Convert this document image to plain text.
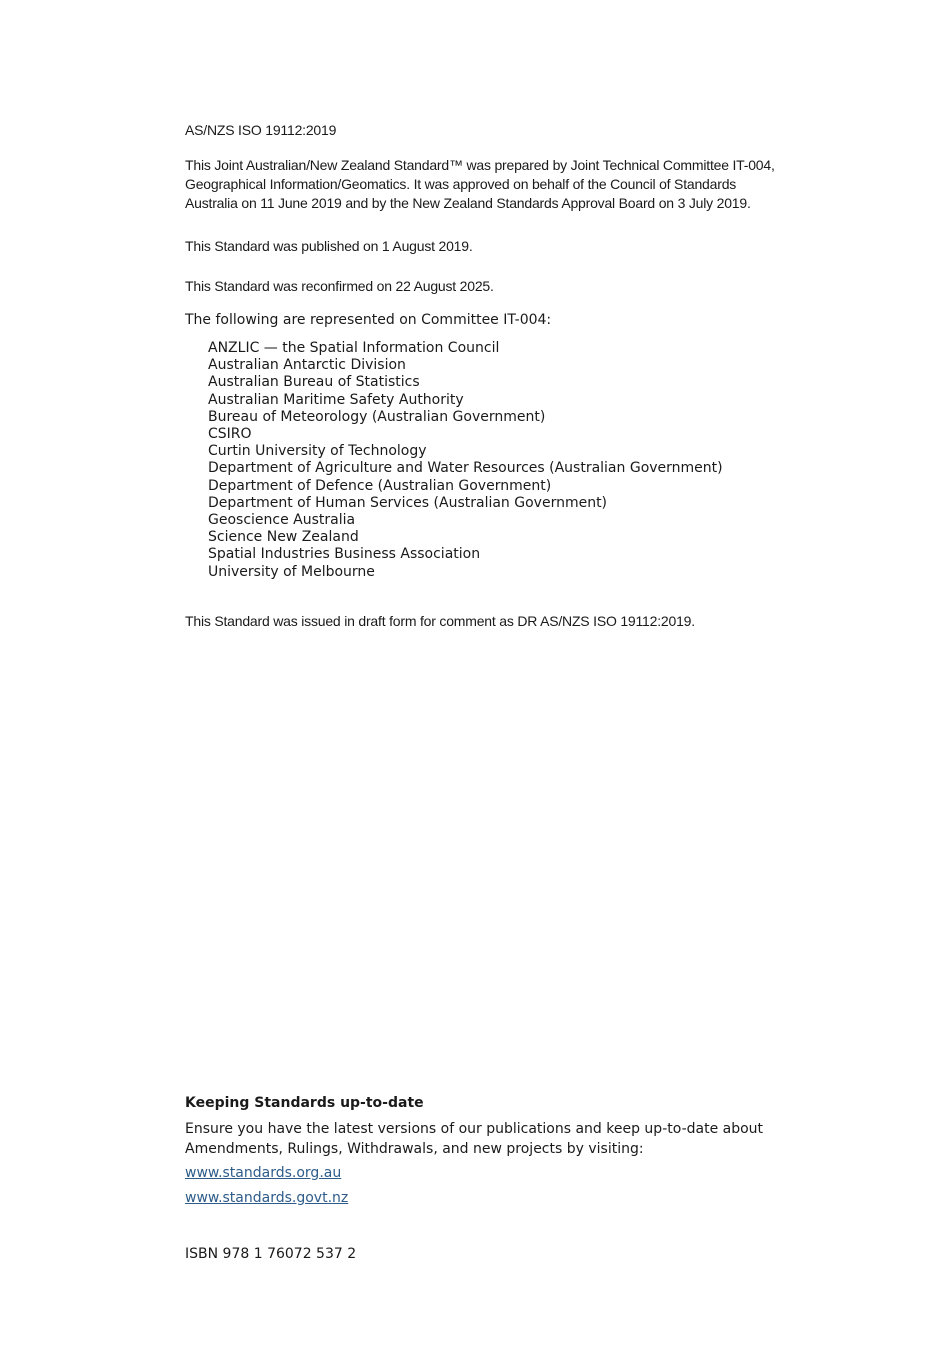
AS/NZS ISO 19112:2019

This Joint Australian/New Zealand Standard™ was prepared by Joint Technical Committee IT-004, Geographical Information/Geomatics. It was approved on behalf of the Council of Standards Australia on 11 June 2019 and by the New Zealand Standards Approval Board on 3 July 2019.

This Standard was published on 1 August 2019.

This Standard was reconfirmed on 22 August 2025.

The following are represented on Committee IT-004:

ANZLIC — the Spatial Information Council
Australian Antarctic Division
Australian Bureau of Statistics
Australian Maritime Safety Authority
Bureau of Meteorology (Australian Government)
CSIRO
Curtin University of Technology
Department of Agriculture and Water Resources (Australian Government)
Department of Defence (Australian Government)
Department of Human Services (Australian Government)
Geoscience Australia
Science New Zealand
Spatial Industries Business Association
University of Melbourne

This Standard was issued in draft form for comment as DR AS/NZS ISO 19112:2019.

Keeping Standards up-to-date

Ensure you have the latest versions of our publications and keep up-to-date about Amendments, Rulings, Withdrawals, and new projects by visiting:

www.standards.org.au
www.standards.govt.nz

ISBN 978 1 76072 537 2
